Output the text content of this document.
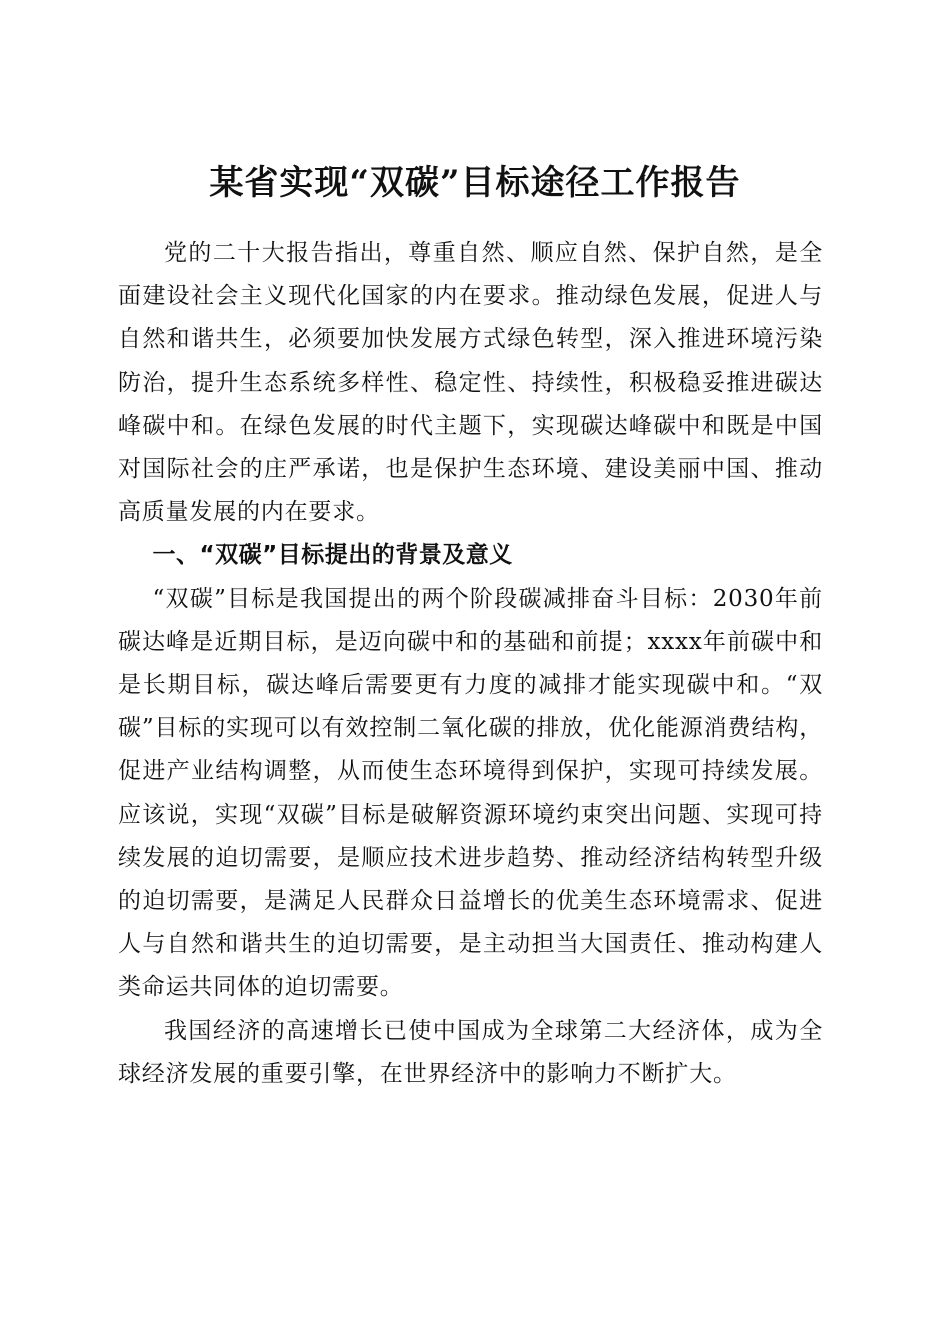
某省实现“双碳”目标途径工作报告

党的二十大报告指出，尊重自然、顺应自然、保护自然，是全面建设社会主义现代化国家的内在要求。推动绿色发展，促进人与自然和谐共生，必须要加快发展方式绿色转型，深入推进环境污染防治，提升生态系统多样性、稳定性、持续性，积极稳妥推进碳达峰碳中和。在绿色发展的时代主题下，实现碳达峰碳中和既是中国对国际社会的庄严承诺，也是保护生态环境、建设美丽中国、推动高质量发展的内在要求。

一、“双碳”目标提出的背景及意义

“双碳”目标是我国提出的两个阶段碳减排奋斗目标：2030年前碳达峰是近期目标，是迈向碳中和的基础和前提；xxxx年前碳中和是长期目标，碳达峰后需要更有力度的减排才能实现碳中和。“双碳”目标的实现可以有效控制二氧化碳的排放，优化能源消费结构，促进产业结构调整，从而使生态环境得到保护，实现可持续发展。应该说，实现“双碳”目标是破解资源环境约束突出问题、实现可持续发展的迫切需要，是顺应技术进步趋势、推动经济结构转型升级的迫切需要，是满足人民群众日益增长的优美生态环境需求、促进人与自然和谐共生的迫切需要，是主动担当大国责任、推动构建人类命运共同体的迫切需要。

我国经济的高速增长已使中国成为全球第二大经济体，成为全球经济发展的重要引擎，在世界经济中的影响力不断扩大。
